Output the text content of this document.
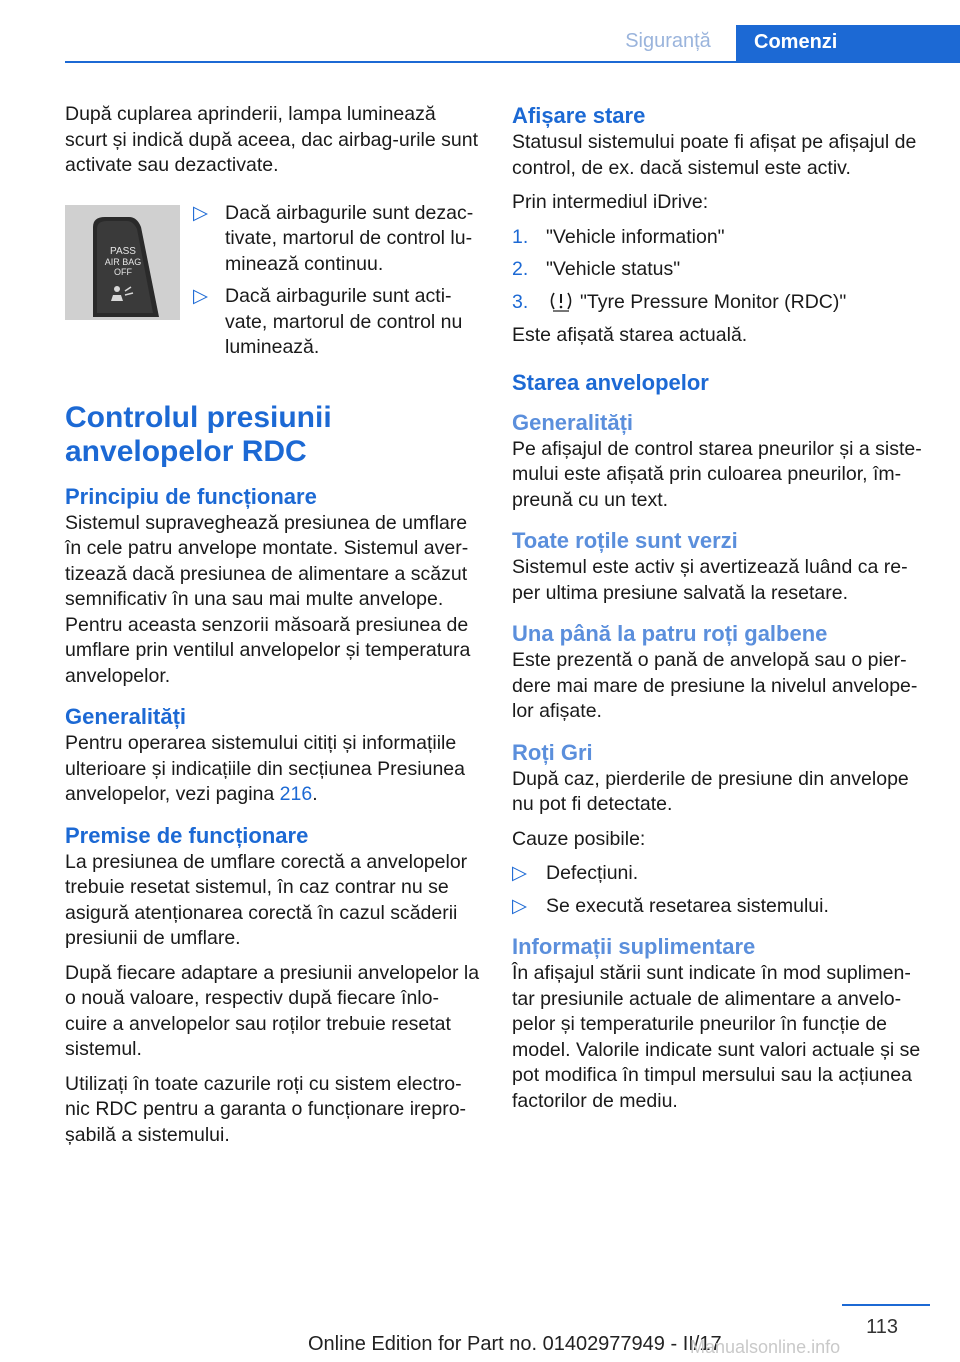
Siguranță	Comenzi

După cuplarea aprinderii, lampa luminează scurt și indică după aceea, dac airbag-urile sunt activate sau dezactivate.

PASS
AIR BAG
OFF
▷ Dacă airbagurile sunt dezac-tivate, martorul de control lu-minează continuu.
▷ Dacă airbagurile sunt acti-vate, martorul de control nu luminează.
Controlul presiunii anvelopelor RDC
Principiu de funcționare

Sistemul supraveghează presiunea de umflare în cele patru anvelope montate. Sistemul aver-tizează dacă presiunea de alimentare a scăzut semnificativ în una sau mai multe anvelope. Pentru aceasta senzorii măsoară presiunea de umflare prin ventilul anvelopelor și temperatura anvelopelor.

Generalități

Pentru operarea sistemului citiți și informațiile ulterioare și indicațiile din secțiunea Presiunea anvelopelor, vezi pagina 216.

Premise de funcționare

La presiunea de umflare corectă a anvelopelor trebuie resetat sistemul, în caz contrar nu se asigură atenționarea corectă în cazul scăderii presiunii de umflare.

După fiecare adaptare a presiunii anvelopelor la o nouă valoare, respectiv după fiecare înlo-cuire a anvelopelor sau roților trebuie resetat sistemul.

Utilizați în toate cazurile roți cu sistem electro-nic RDC pentru a garanta o funcționare irepro-șabilă a sistemului.

Afișare stare

Statusul sistemului poate fi afișat pe afișajul de control, de ex. dacă sistemul este activ.

Prin intermediul iDrive:

1. "Vehicle information"
2. "Vehicle status"
3.	"Tyre Pressure Monitor (RDC)"

Este afișată starea actuală.

Starea anvelopelor
Generalități

Pe afișajul de control starea pneurilor și a siste-mului este afișată prin culoarea pneurilor, îm-preună cu un text.

Toate roțile sunt verzi

Sistemul este activ și avertizează luând ca re-per ultima presiune salvată la resetare.

Una până la patru roți galbene

Este prezentă o pană de anvelopă sau o pier-dere mai mare de presiune la nivelul anvelope-lor afișate.

Roți Gri

După caz, pierderile de presiune din anvelope nu pot fi detectate.

Cauze posibile:

▷ Defecțiuni.
▷ Se execută resetarea sistemului.
Informații suplimentare

În afișajul stării sunt indicate în mod suplimen-tar presiunile actuale de alimentare a anvelo-pelor și temperaturile pneurilor în funcție de model. Valorile indicate sunt valori actuale și se pot modifica în timpul mersului sau la acțiunea factorilor de mediu.

113
Online Edition for Part no. 01402977949 - II/17
Manualsonline.info
